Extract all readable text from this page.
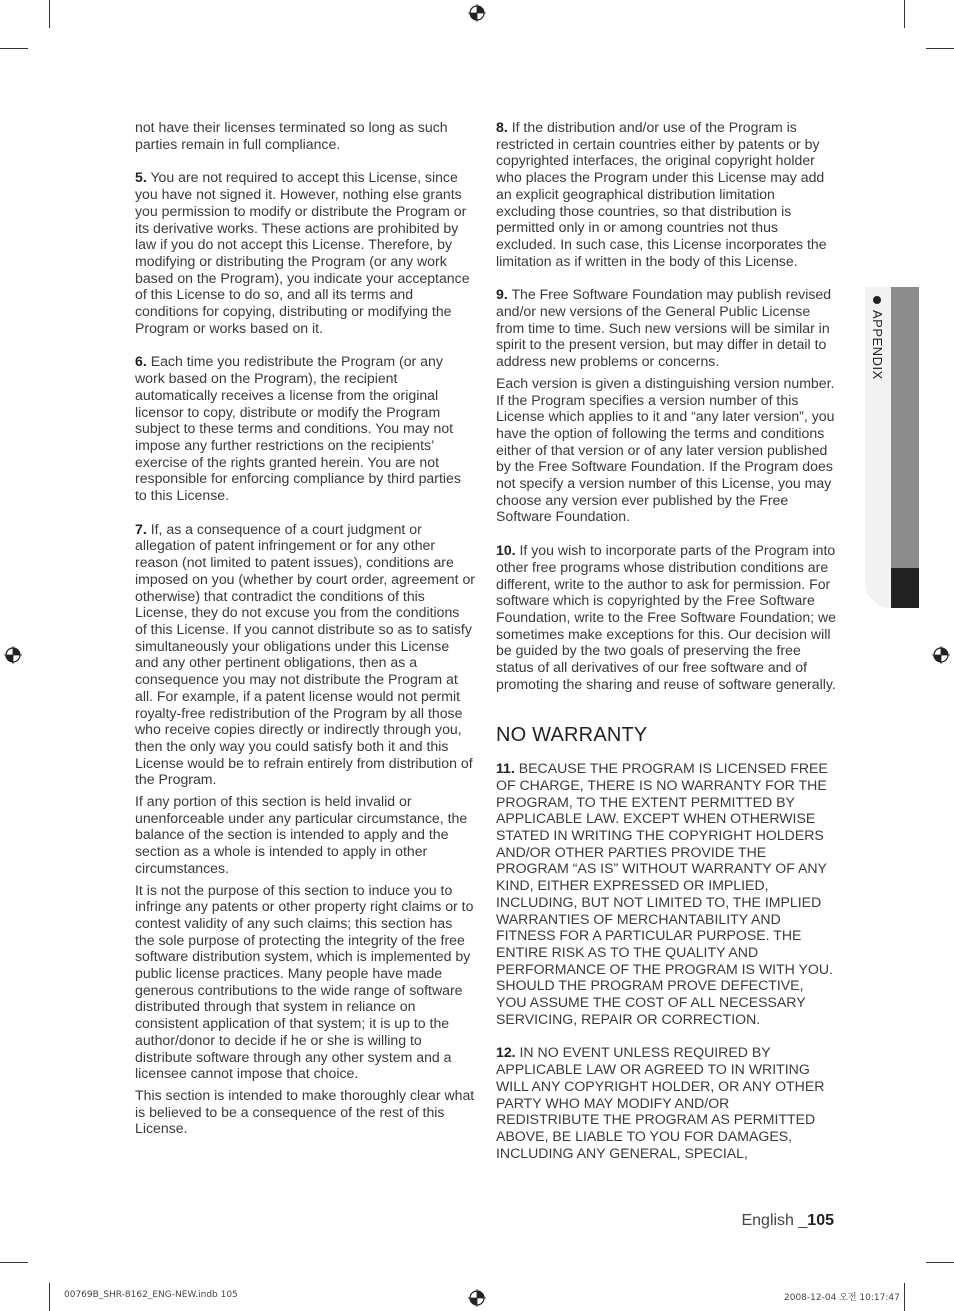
not have their licenses terminated so long as such parties remain in full compliance.

5. You are not required to accept this License, since you have not signed it. However, nothing else grants you permission to modify or distribute the Program or its derivative works. These actions are prohibited by law if you do not accept this License. Therefore, by modifying or distributing the Program (or any work based on the Program), you indicate your acceptance of this License to do so, and all its terms and conditions for copying, distributing or modifying the Program or works based on it.

6. Each time you redistribute the Program (or any work based on the Program), the recipient automatically receives a license from the original licensor to copy, distribute or modify the Program subject to these terms and conditions. You may not impose any further restrictions on the recipients’ exercise of the rights granted herein. You are not responsible for enforcing compliance by third parties to this License.

7. If, as a consequence of a court judgment or allegation of patent infringement or for any other reason (not limited to patent issues), conditions are imposed on you (whether by court order, agreement or otherwise) that contradict the conditions of this License, they do not excuse you from the conditions of this License. If you cannot distribute so as to satisfy simultaneously your obligations under this License and any other pertinent obligations, then as a consequence you may not distribute the Program at all. For example, if a patent license would not permit royalty-free redistribution of the Program by all those who receive copies directly or indirectly through you, then the only way you could satisfy both it and this License would be to refrain entirely from distribution of the Program.

If any portion of this section is held invalid or unenforceable under any particular circumstance, the balance of the section is intended to apply and the section as a whole is intended to apply in other circumstances.

It is not the purpose of this section to induce you to infringe any patents or other property right claims or to contest validity of any such claims; this section has the sole purpose of protecting the integrity of the free software distribution system, which is implemented by public license practices. Many people have made generous contributions to the wide range of software distributed through that system in reliance on consistent application of that system; it is up to the author/donor to decide if he or she is willing to distribute software through any other system and a licensee cannot impose that choice.

This section is intended to make thoroughly clear what is believed to be a consequence of the rest of this License.

8. If the distribution and/or use of the Program is restricted in certain countries either by patents or by copyrighted interfaces, the original copyright holder who places the Program under this License may add an explicit geographical distribution limitation excluding those countries, so that distribution is permitted only in or among countries not thus excluded. In such case, this License incorporates the limitation as if written in the body of this License.

9. The Free Software Foundation may publish revised and/or new versions of the General Public License from time to time. Such new versions will be similar in spirit to the present version, but may differ in detail to address new problems or concerns.

Each version is given a distinguishing version number. If the Program specifies a version number of this License which applies to it and “any later version”, you have the option of following the terms and conditions either of that version or of any later version published by the Free Software Foundation. If the Program does not specify a version number of this License, you may choose any version ever published by the Free Software Foundation.

10. If you wish to incorporate parts of the Program into other free programs whose distribution conditions are different, write to the author to ask for permission. For software which is copyrighted by the Free Software Foundation, write to the Free Software Foundation; we sometimes make exceptions for this. Our decision will be guided by the two goals of preserving the free status of all derivatives of our free software and of promoting the sharing and reuse of software generally.

NO WARRANTY

11. BECAUSE THE PROGRAM IS LICENSED FREE OF CHARGE, THERE IS NO WARRANTY FOR THE PROGRAM, TO THE EXTENT PERMITTED BY APPLICABLE LAW. EXCEPT WHEN OTHERWISE STATED IN WRITING THE COPYRIGHT HOLDERS AND/OR OTHER PARTIES PROVIDE THE PROGRAM “AS IS” WITHOUT WARRANTY OF ANY KIND, EITHER EXPRESSED OR IMPLIED, INCLUDING, BUT NOT LIMITED TO, THE IMPLIED WARRANTIES OF MERCHANTABILITY AND FITNESS FOR A PARTICULAR PURPOSE. THE ENTIRE RISK AS TO THE QUALITY AND PERFORMANCE OF THE PROGRAM IS WITH YOU. SHOULD THE PROGRAM PROVE DEFECTIVE, YOU ASSUME THE COST OF ALL NECESSARY SERVICING, REPAIR OR CORRECTION.

12. IN NO EVENT UNLESS REQUIRED BY APPLICABLE LAW OR AGREED TO IN WRITING WILL ANY COPYRIGHT HOLDER, OR ANY OTHER PARTY WHO MAY MODIFY AND/OR REDISTRIBUTE THE PROGRAM AS PERMITTED ABOVE, BE LIABLE TO YOU FOR DAMAGES, INCLUDING ANY GENERAL, SPECIAL,

APPENDIX
English _105
00769B_SHR-8162_ENG-NEW.indb 105	2008-12-04 오전 10:17:47
